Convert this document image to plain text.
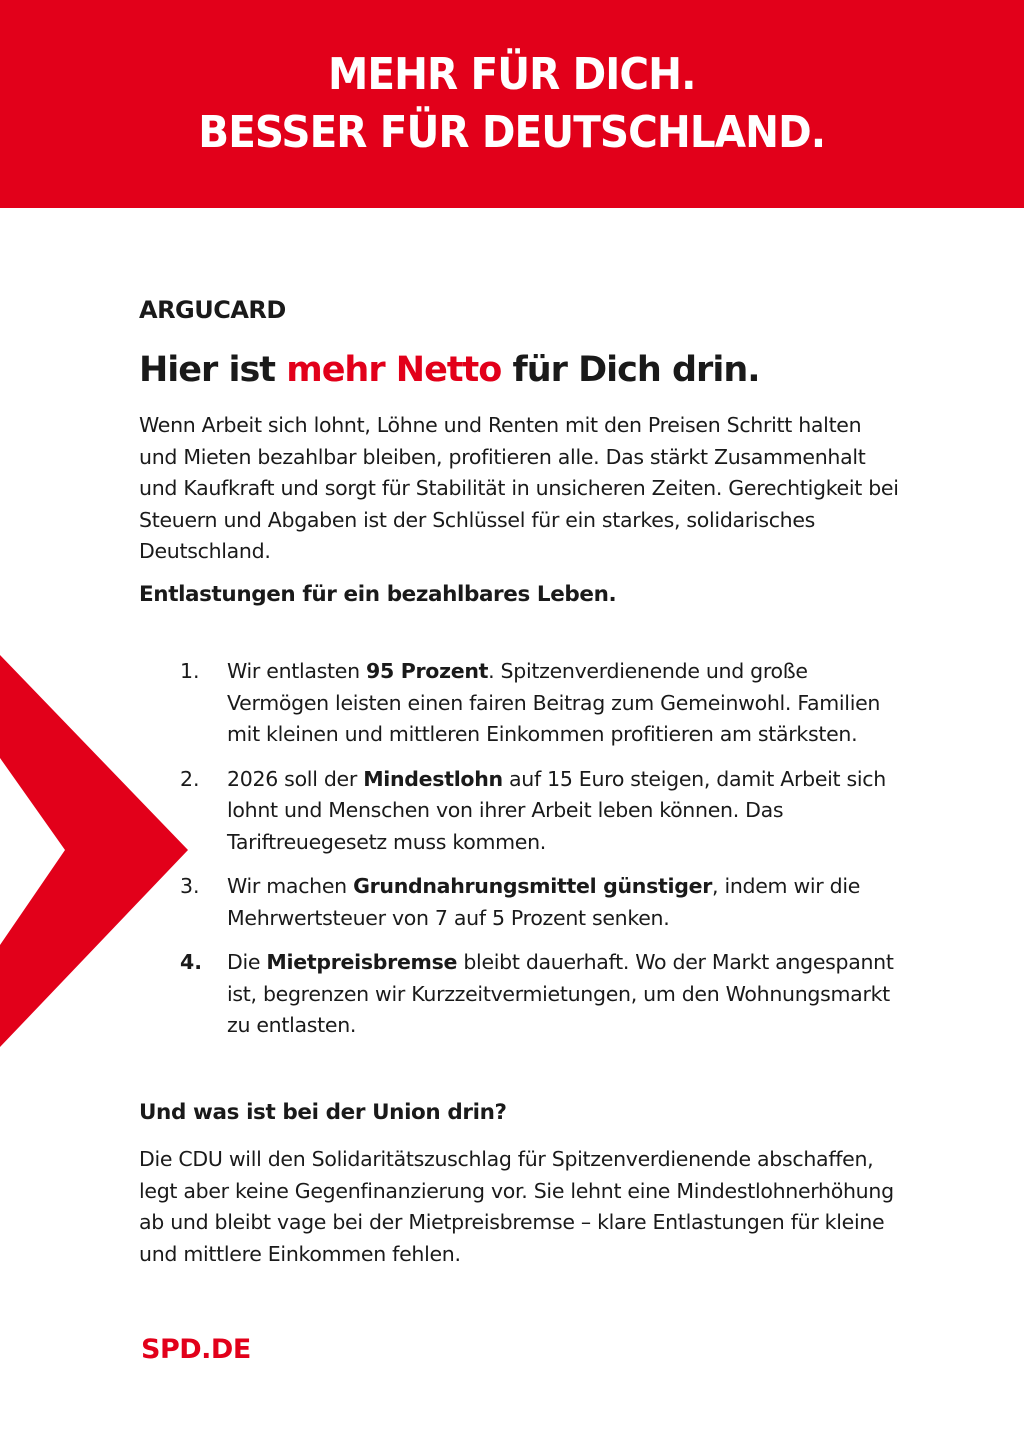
MEHR FÜR DICH.
BESSER FÜR DEUTSCHLAND.
ARGUCARD
Hier ist mehr Netto für Dich drin.

Wenn Arbeit sich lohnt, Löhne und Renten mit den Preisen Schritt halten und Mieten bezahlbar bleiben, profitieren alle. Das stärkt Zusammenhalt und Kaufkraft und sorgt für Stabilität in unsicheren Zeiten. Gerechtigkeit bei Steuern und Abgaben ist der Schlüssel für ein starkes, solidarisches Deutschland.

Entlastungen für ein bezahlbares Leben.
1.	Wir entlasten 95 Prozent. Spitzenverdienende und große Vermögen leisten einen fairen Beitrag zum Gemeinwohl. Familien mit kleinen und mittleren Einkommen profitieren am stärksten.
2.	2026 soll der Mindestlohn auf 15 Euro steigen, damit Arbeit sich lohnt und Menschen von ihrer Arbeit leben können. Das Tariftreuegesetz muss kommen.
3.	Wir machen Grundnahrungsmittel günstiger, indem wir die Mehrwertsteuer von 7 auf 5 Prozent senken.
4.	Die Mietpreisbremse bleibt dauerhaft. Wo der Markt angespannt ist, begrenzen wir Kurzzeitvermietungen, um den Wohnungsmarkt zu entlasten.
Und was ist bei der Union drin?

Die CDU will den Solidaritätszuschlag für Spitzenverdienende abschaffen, legt aber keine Gegenfinanzierung vor. Sie lehnt eine Mindestlohnerhöhung ab und bleibt vage bei der Mietpreisbremse – klare Entlastungen für kleine und mittlere Einkommen fehlen.

SPD.DE
